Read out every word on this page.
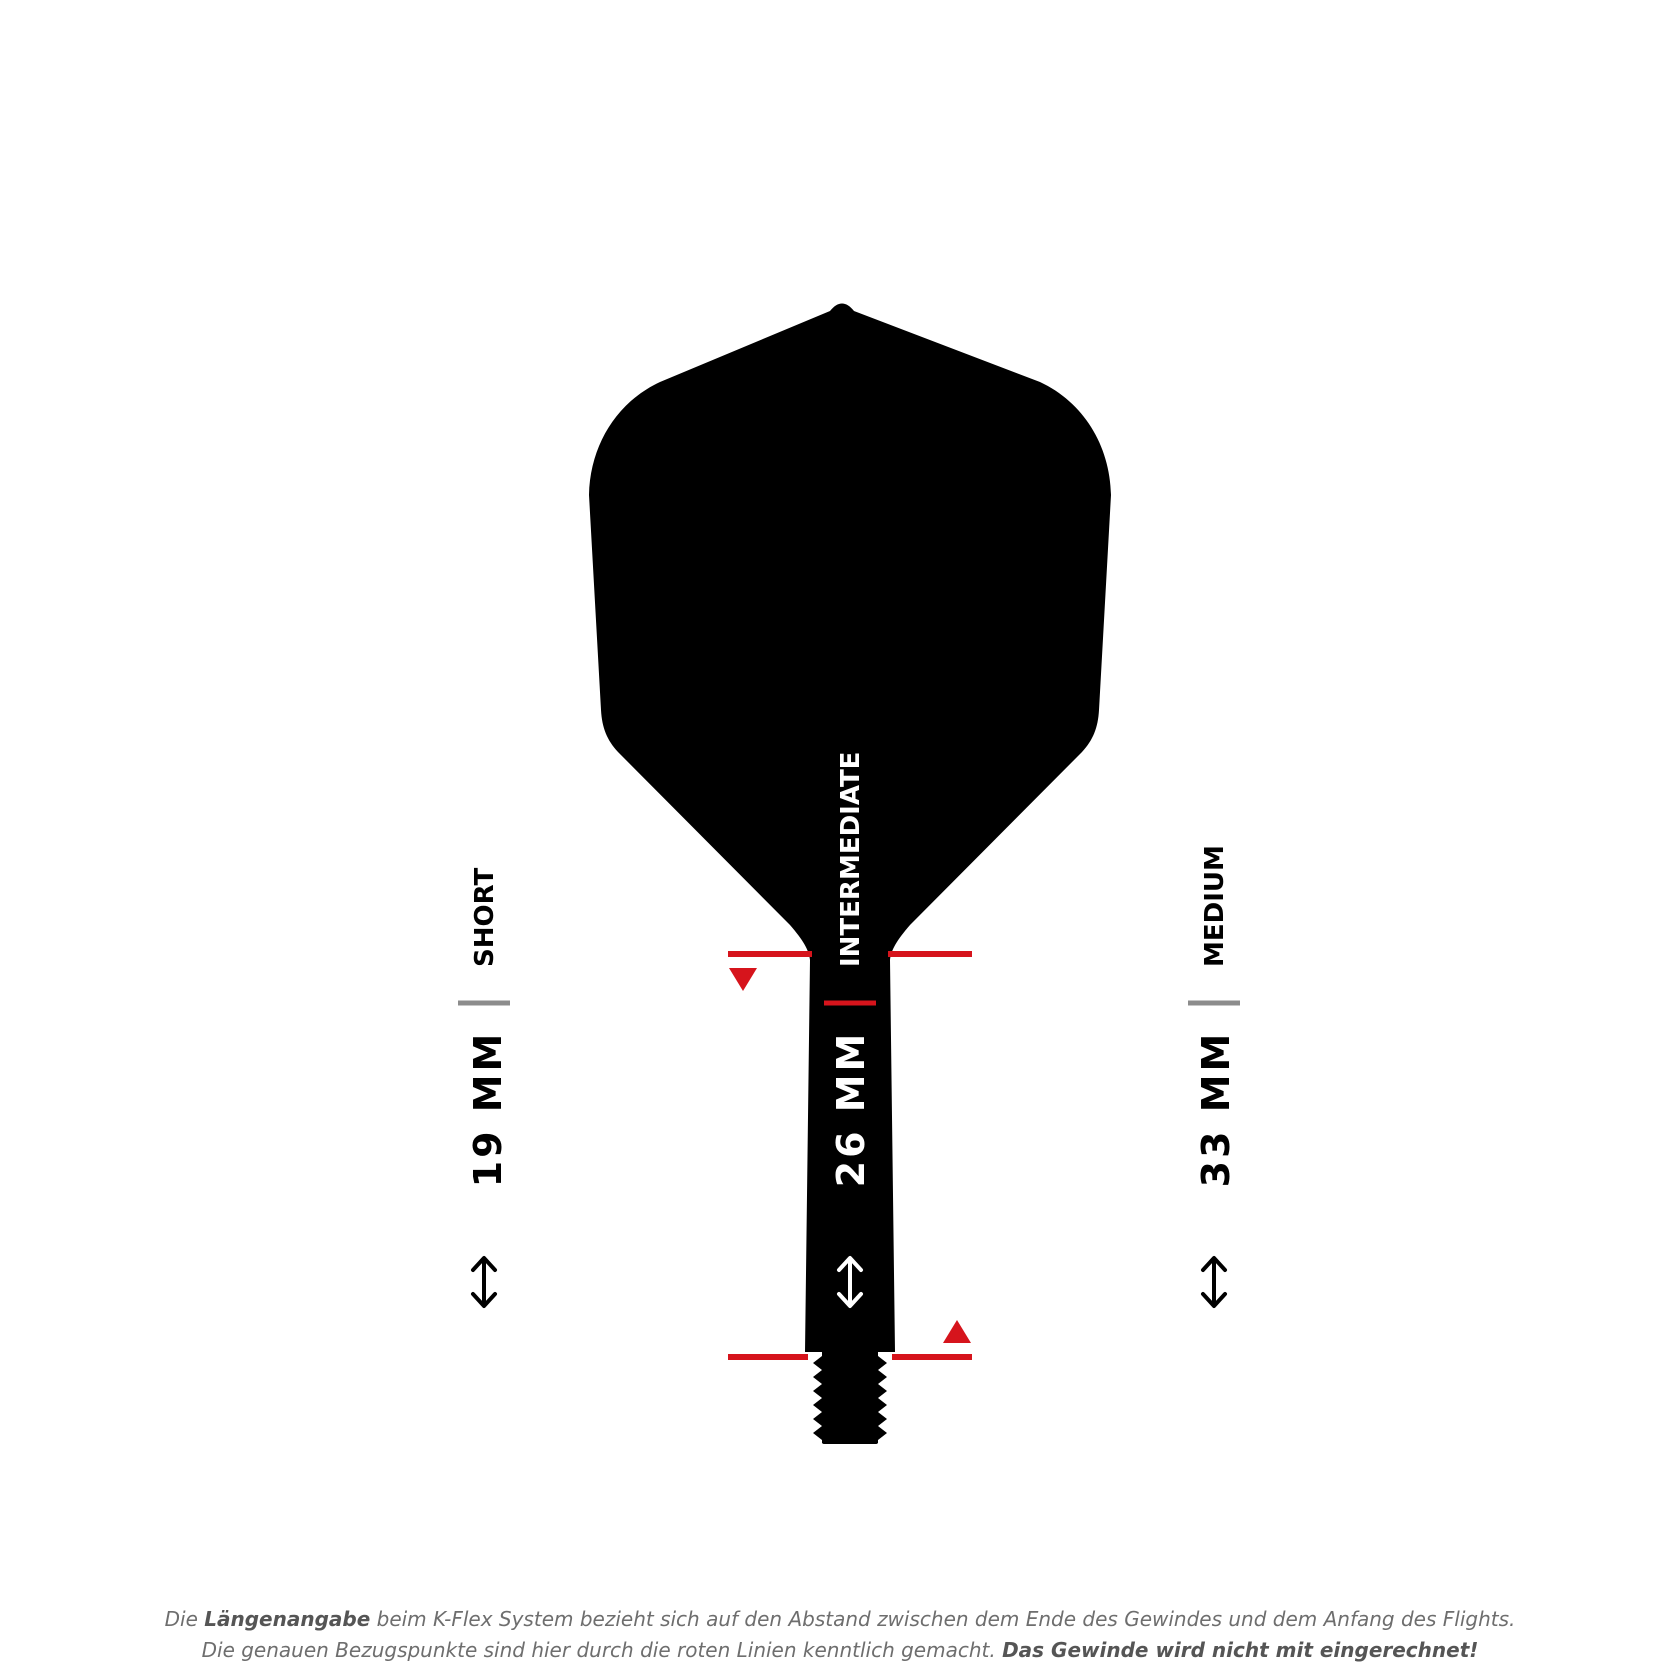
19 MM
SHORT
26 MM
INTERMEDIATE
33 MM
MEDIUM
Die Längenangabe beim K-Flex System bezieht sich auf den Abstand zwischen dem Ende des Gewindes und dem Anfang des Flights.
Die genauen Bezugspunkte sind hier durch die roten Linien kenntlich gemacht. Das Gewinde wird nicht mit eingerechnet!
